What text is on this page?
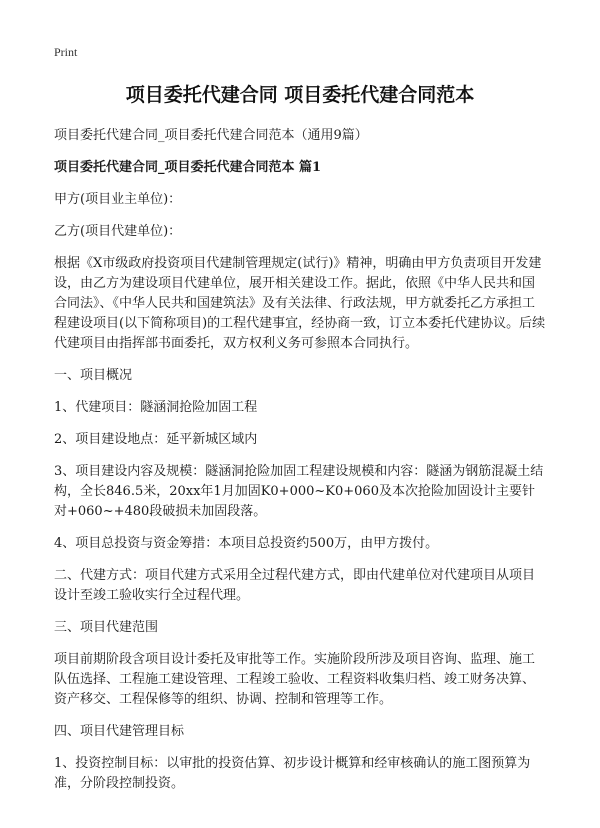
Print
项目委托代建合同 项目委托代建合同范本

项目委托代建合同_项目委托代建合同范本（通用9篇）

项目委托代建合同_项目委托代建合同范本 篇1

甲方(项目业主单位)：

乙方(项目代建单位)：

根据《X市级政府投资项目代建制管理规定(试行)》精神，明确由甲方负责项目开发建设，由乙方为建设项目代建单位，展开相关建设工作。据此，依照《中华人民共和国合同法》、《中华人民共和国建筑法》及有关法律、行政法规，甲方就委托乙方承担工程建设项目(以下简称项目)的工程代建事宜，经协商一致，订立本委托代建协议。后续代建项目由指挥部书面委托，双方权利义务可参照本合同执行。

一、项目概况

1、代建项目：隧涵洞抢险加固工程

2、项目建设地点：延平新城区域内

3、项目建设内容及规模：隧涵洞抢险加固工程建设规模和内容：隧涵为钢筋混凝土结构，全长846.5米，20xx年1月加固K0+000~K0+060及本次抢险加固设计主要针对+060~+480段破损未加固段落。

4、项目总投资与资金筹措：本项目总投资约500万，由甲方拨付。

二、代建方式：项目代建方式采用全过程代建方式，即由代建单位对代建项目从项目设计至竣工验收实行全过程代理。

三、项目代建范围

项目前期阶段含项目设计委托及审批等工作。实施阶段所涉及项目咨询、监理、施工队伍选择、工程施工建设管理、工程竣工验收、工程资料收集归档、竣工财务决算、资产移交、工程保修等的组织、协调、控制和管理等工作。

四、项目代建管理目标

1、投资控制目标：以审批的投资估算、初步设计概算和经审核确认的施工图预算为准，分阶段控制投资。
